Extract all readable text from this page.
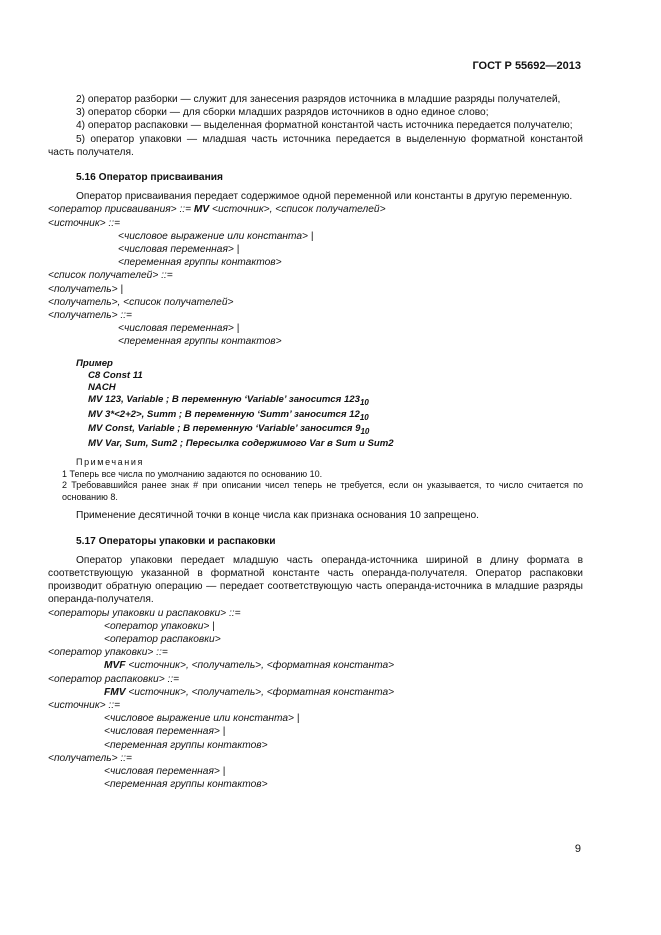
ГОСТ Р 55692—2013

2) оператор разборки — служит для занесения разрядов источника в младшие разряды получателей,

3) оператор сборки — для сборки младших разрядов источников в одно единое слово;

4) оператор распаковки — выделенная форматной константой часть источника передается получателю;

5) оператор упаковки — младшая часть источника передается в выделенную форматной константой часть получателя.

5.16 Оператор присваивания

Оператор присваивания передает содержимое одной переменной или константы в другую переменную.

<оператор присваивания> ::= MV <источник>, <список получателей>
<источник> ::=
<числовое выражение или константа> |
<числовая переменная> |
<переменная группы контактов>
<список получателей> ::=
<получатель> |
<получатель>, <список получателей>
<получатель> ::=
<числовая переменная> |
<переменная группы контактов>
Пример
C8 Const 11
NACH
MV 123, Variable ; В переменную ‘Variable’ заносится $123_{10}$
MV 3*<2+2>, Summ ; В переменную ‘Summ’ заносится $12_{10}$
MV Const, Variable ; В переменную ‘Variable’ заносится $9_{10}$
MV Var, Sum, Sum2 ; Пересылка содержимого Var в Sum и Sum2
Примечания

1 Теперь все числа по умолчанию задаются по основанию 10.

2 Требовавшийся ранее знак # при описании чисел теперь не требуется, если он указывается, то число считается по основанию 8.

Применение десятичной точки в конце числа как признака основания 10 запрещено.

5.17 Операторы упаковки и распаковки

Оператор упаковки передает младшую часть операнда-источника шириной в длину формата в соответствующую указанной в форматной константе часть операнда-получателя. Оператор распаковки производит обратную операцию — передает соответствующую часть операнда-источника в младшие разряды операнда-получателя.

<операторы упаковки и распаковки> ::=
<оператор упаковки> |
<оператор распаковки>
<оператор упаковки> ::=
MVF <источник>, <получатель>, <форматная константа>
<оператор распаковки> ::=
FMV <источник>, <получатель>, <форматная константа>
<источник> ::=
<числовое выражение или константа> |
<числовая переменная> |
<переменная группы контактов>
<получатель> ::=
<числовая переменная> |
<переменная группы контактов>
9
